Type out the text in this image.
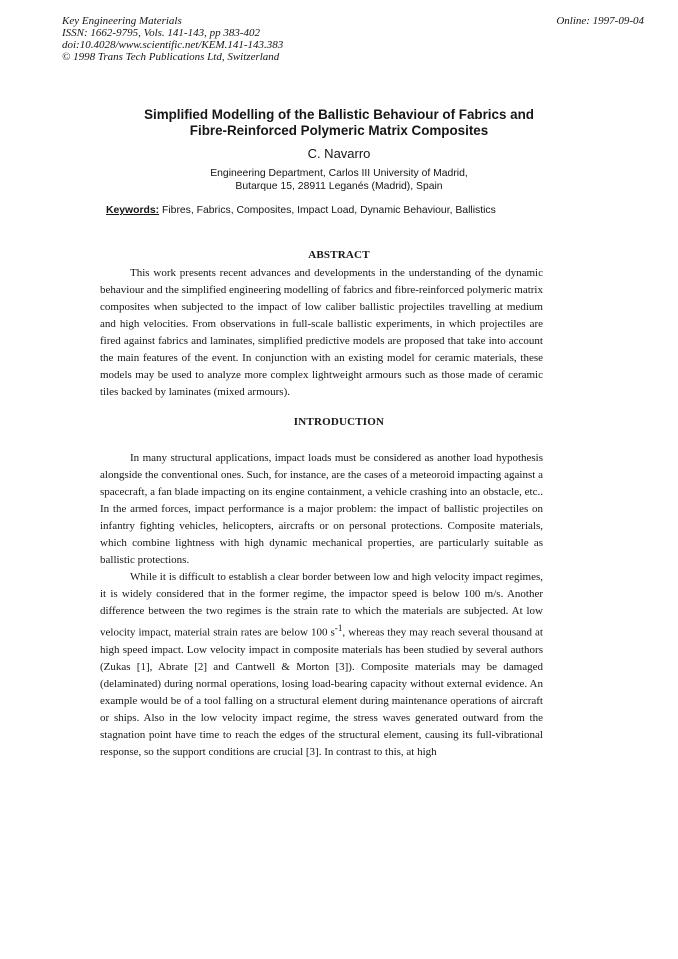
Key Engineering Materials
ISSN: 1662-9795, Vols. 141-143, pp 383-402
doi:10.4028/www.scientific.net/KEM.141-143.383
© 1998 Trans Tech Publications Ltd, Switzerland
Online: 1997-09-04
Simplified Modelling of the Ballistic Behaviour of Fabrics and
Fibre-Reinforced Polymeric Matrix Composites
C. Navarro
Engineering Department, Carlos III University of Madrid,
Butarque 15, 28911 Leganés (Madrid), Spain
Keywords: Fibres, Fabrics, Composites, Impact Load, Dynamic Behaviour, Ballistics
ABSTRACT

This work presents recent advances and developments in the understanding of the dynamic behaviour and the simplified engineering modelling of fabrics and fibre-reinforced polymeric matrix composites when subjected to the impact of low caliber ballistic projectiles travelling at medium and high velocities. From observations in full-scale ballistic experiments, in which projectiles are fired against fabrics and laminates, simplified predictive models are proposed that take into account the main features of the event. In conjunction with an existing model for ceramic materials, these models may be used to analyze more complex lightweight armours such as those made of ceramic tiles backed by laminates (mixed armours).

INTRODUCTION

In many structural applications, impact loads must be considered as another load hypothesis alongside the conventional ones. Such, for instance, are the cases of a meteoroid impacting against a spacecraft, a fan blade impacting on its engine containment, a vehicle crashing into an obstacle, etc.. In the armed forces, impact performance is a major problem: the impact of ballistic projectiles on infantry fighting vehicles, helicopters, aircrafts or on personal protections. Composite materials, which combine lightness with high dynamic mechanical properties, are particularly suitable as ballistic protections.

While it is difficult to establish a clear border between low and high velocity impact regimes, it is widely considered that in the former regime, the impactor speed is below 100 m/s. Another difference between the two regimes is the strain rate to which the materials are subjected. At low velocity impact, material strain rates are below 100 $s^{-1}$, whereas they may reach several thousand at high speed impact. Low velocity impact in composite materials has been studied by several authors (Zukas [1], Abrate [2] and Cantwell & Morton [3]). Composite materials may be damaged (delaminated) during normal operations, losing load-bearing capacity without external evidence. An example would be of a tool falling on a structural element during maintenance operations of aircraft or ships. Also in the low velocity impact regime, the stress waves generated outward from the stagnation point have time to reach the edges of the structural element, causing its full-vibrational response, so the support conditions are crucial [3]. In contrast to this, at high
